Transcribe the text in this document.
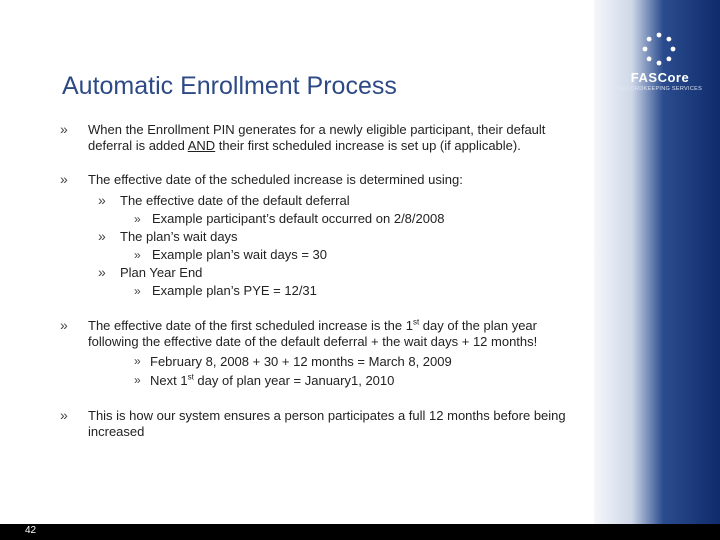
FASCore
RECORDKEEPING SERVICES
Automatic Enrollment Process
» When the Enrollment PIN generates for a newly eligible participant, their default deferral is added AND their first scheduled increase is set up (if applicable).
» The effective date of the scheduled increase is determined using:
» The effective date of the default deferral
» Example participant’s default occurred on 2/8/2008
» The plan’s wait days
» Example plan’s wait days = 30
» Plan Year End
» Example plan’s PYE = 12/31
» The effective date of the first scheduled increase is the 1st day of the plan year following the effective date of the default deferral + the wait days + 12 months!
» February 8, 2008 + 30 + 12 months = March 8, 2009
» Next 1st day of plan year = January1, 2010
» This is how our system ensures a person participates a full 12 months before being increased
42
